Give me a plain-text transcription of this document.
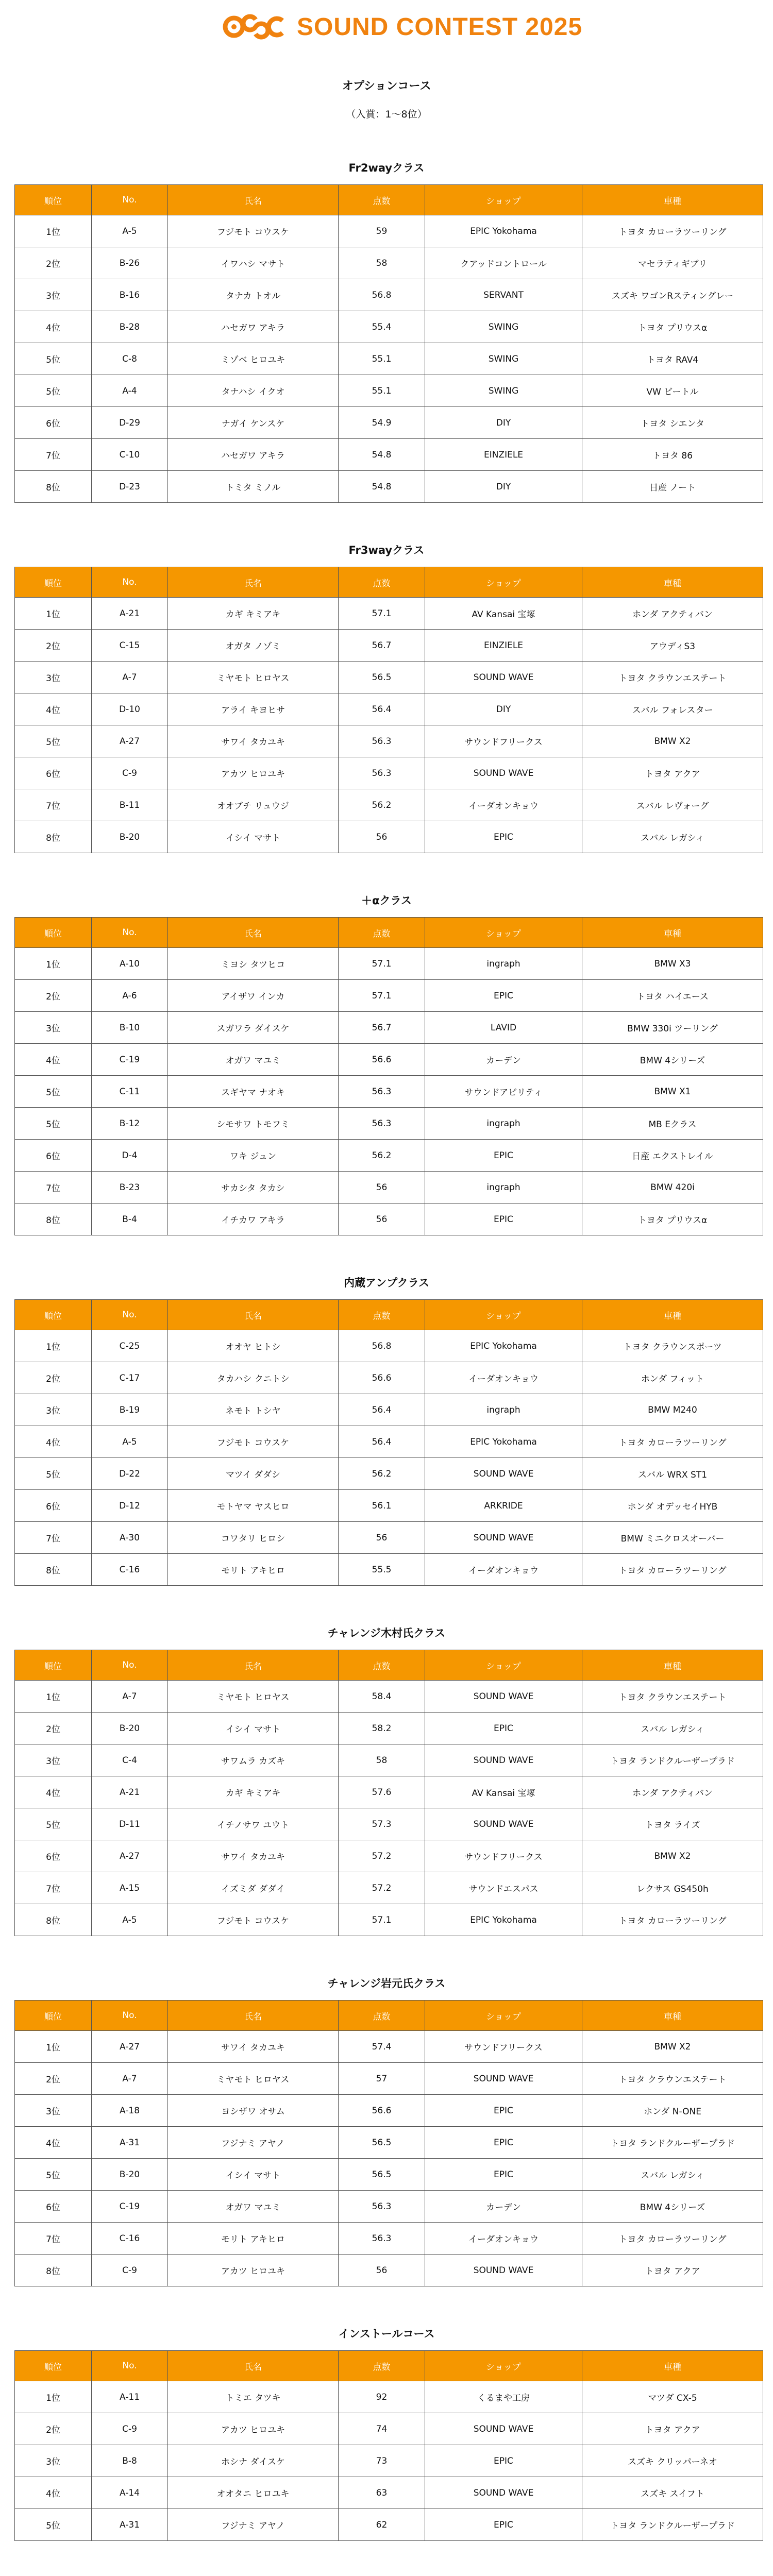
SOUND CONTEST 2025
オプションコース
（入賞：1〜8位）
Fr2wayクラス
順位	No.	氏名	点数	ショップ	車種
1位	A-5	フジモト コウスケ	59	EPIC Yokohama	トヨタ カローラツーリング
2位	B-26	イワハシ マサト	58	クアッドコントロール	マセラティギブリ
3位	B-16	タナカ トオル	56.8	SERVANT	スズキ ワゴンRスティングレー
4位	B-28	ハセガワ アキラ	55.4	SWING	トヨタ プリウスα
5位	C-8	ミゾベ ヒロユキ	55.1	SWING	トヨタ RAV4
5位	A-4	タナハシ イクオ	55.1	SWING	VW ビートル
6位	D-29	ナガイ ケンスケ	54.9	DIY	トヨタ シエンタ
7位	C-10	ハセガワ アキラ	54.8	EINZIELE	トヨタ 86
8位	D-23	トミタ ミノル	54.8	DIY	日産 ノート
Fr3wayクラス
順位	No.	氏名	点数	ショップ	車種
1位	A-21	カギ キミアキ	57.1	AV Kansai 宝塚	ホンダ アクティバン
2位	C-15	オガタ ノゾミ	56.7	EINZIELE	アウディS3
3位	A-7	ミヤモト ヒロヤス	56.5	SOUND WAVE	トヨタ クラウンエステート
4位	D-10	アライ キヨヒサ	56.4	DIY	スバル フォレスター
5位	A-27	サワイ タカユキ	56.3	サウンドフリークス	BMW X2
6位	C-9	アカツ ヒロユキ	56.3	SOUND WAVE	トヨタ アクア
7位	B-11	オオブチ リュウジ	56.2	イーダオンキョウ	スバル レヴォーグ
8位	B-20	イシイ マサト	56	EPIC	スバル レガシィ
＋αクラス
順位	No.	氏名	点数	ショップ	車種
1位	A-10	ミヨシ タツヒコ	57.1	ingraph	BMW X3
2位	A-6	アイザワ インカ	57.1	EPIC	トヨタ ハイエース
3位	B-10	スガワラ ダイスケ	56.7	LAVID	BMW 330i ツーリング
4位	C-19	オガワ マユミ	56.6	カーデン	BMW 4シリーズ
5位	C-11	スギヤマ ナオキ	56.3	サウンドアビリティ	BMW X1
5位	B-12	シモサワ トモフミ	56.3	ingraph	MB Eクラス
6位	D-4	ワキ ジュン	56.2	EPIC	日産 エクストレイル
7位	B-23	サカシタ タカシ	56	ingraph	BMW 420i
8位	B-4	イチカワ アキラ	56	EPIC	トヨタ プリウスα
内蔵アンプクラス
順位	No.	氏名	点数	ショップ	車種
1位	C-25	オオヤ ヒトシ	56.8	EPIC Yokohama	トヨタ クラウンスポーツ
2位	C-17	タカハシ クニトシ	56.6	イーダオンキョウ	ホンダ フィット
3位	B-19	ネモト トシヤ	56.4	ingraph	BMW M240
4位	A-5	フジモト コウスケ	56.4	EPIC Yokohama	トヨタ カローラツーリング
5位	D-22	マツイ ダダシ	56.2	SOUND WAVE	スバル WRX ST1
6位	D-12	モトヤマ ヤスヒロ	56.1	ARKRIDE	ホンダ オデッセイHYB
7位	A-30	コワタリ ヒロシ	56	SOUND WAVE	BMW ミニクロスオーバー
8位	C-16	モリト アキヒロ	55.5	イーダオンキョウ	トヨタ カローラツーリング
チャレンジ木村氏クラス
順位	No.	氏名	点数	ショップ	車種
1位	A-7	ミヤモト ヒロヤス	58.4	SOUND WAVE	トヨタ クラウンエステート
2位	B-20	イシイ マサト	58.2	EPIC	スバル レガシィ
3位	C-4	サワムラ カズキ	58	SOUND WAVE	トヨタ ランドクルーザープラド
4位	A-21	カギ キミアキ	57.6	AV Kansai 宝塚	ホンダ アクティバン
5位	D-11	イチノサワ ユウト	57.3	SOUND WAVE	トヨタ ライズ
6位	A-27	サワイ タカユキ	57.2	サウンドフリークス	BMW X2
7位	A-15	イズミダ ダダイ	57.2	サウンドエスパス	レクサス GS450h
8位	A-5	フジモト コウスケ	57.1	EPIC Yokohama	トヨタ カローラツーリング
チャレンジ岩元氏クラス
順位	No.	氏名	点数	ショップ	車種
1位	A-27	サワイ タカユキ	57.4	サウンドフリークス	BMW X2
2位	A-7	ミヤモト ヒロヤス	57	SOUND WAVE	トヨタ クラウンエステート
3位	A-18	ヨシザワ オサム	56.6	EPIC	ホンダ N-ONE
4位	A-31	フジナミ アヤノ	56.5	EPIC	トヨタ ランドクルーザープラド
5位	B-20	イシイ マサト	56.5	EPIC	スバル レガシィ
6位	C-19	オガワ マユミ	56.3	カーデン	BMW 4シリーズ
7位	C-16	モリト アキヒロ	56.3	イーダオンキョウ	トヨタ カローラツーリング
8位	C-9	アカツ ヒロユキ	56	SOUND WAVE	トヨタ アクア
インストールコース
順位	No.	氏名	点数	ショップ	車種
1位	A-11	トミエ タツキ	92	くるまや工房	マツダ CX-5
2位	C-9	アカツ ヒロユキ	74	SOUND WAVE	トヨタ アクア
3位	B-8	ホシナ ダイスケ	73	EPIC	スズキ クリッパーネオ
4位	A-14	オオタニ ヒロユキ	63	SOUND WAVE	スズキ スイフト
5位	A-31	フジナミ アヤノ	62	EPIC	トヨタ ランドクルーザープラド
